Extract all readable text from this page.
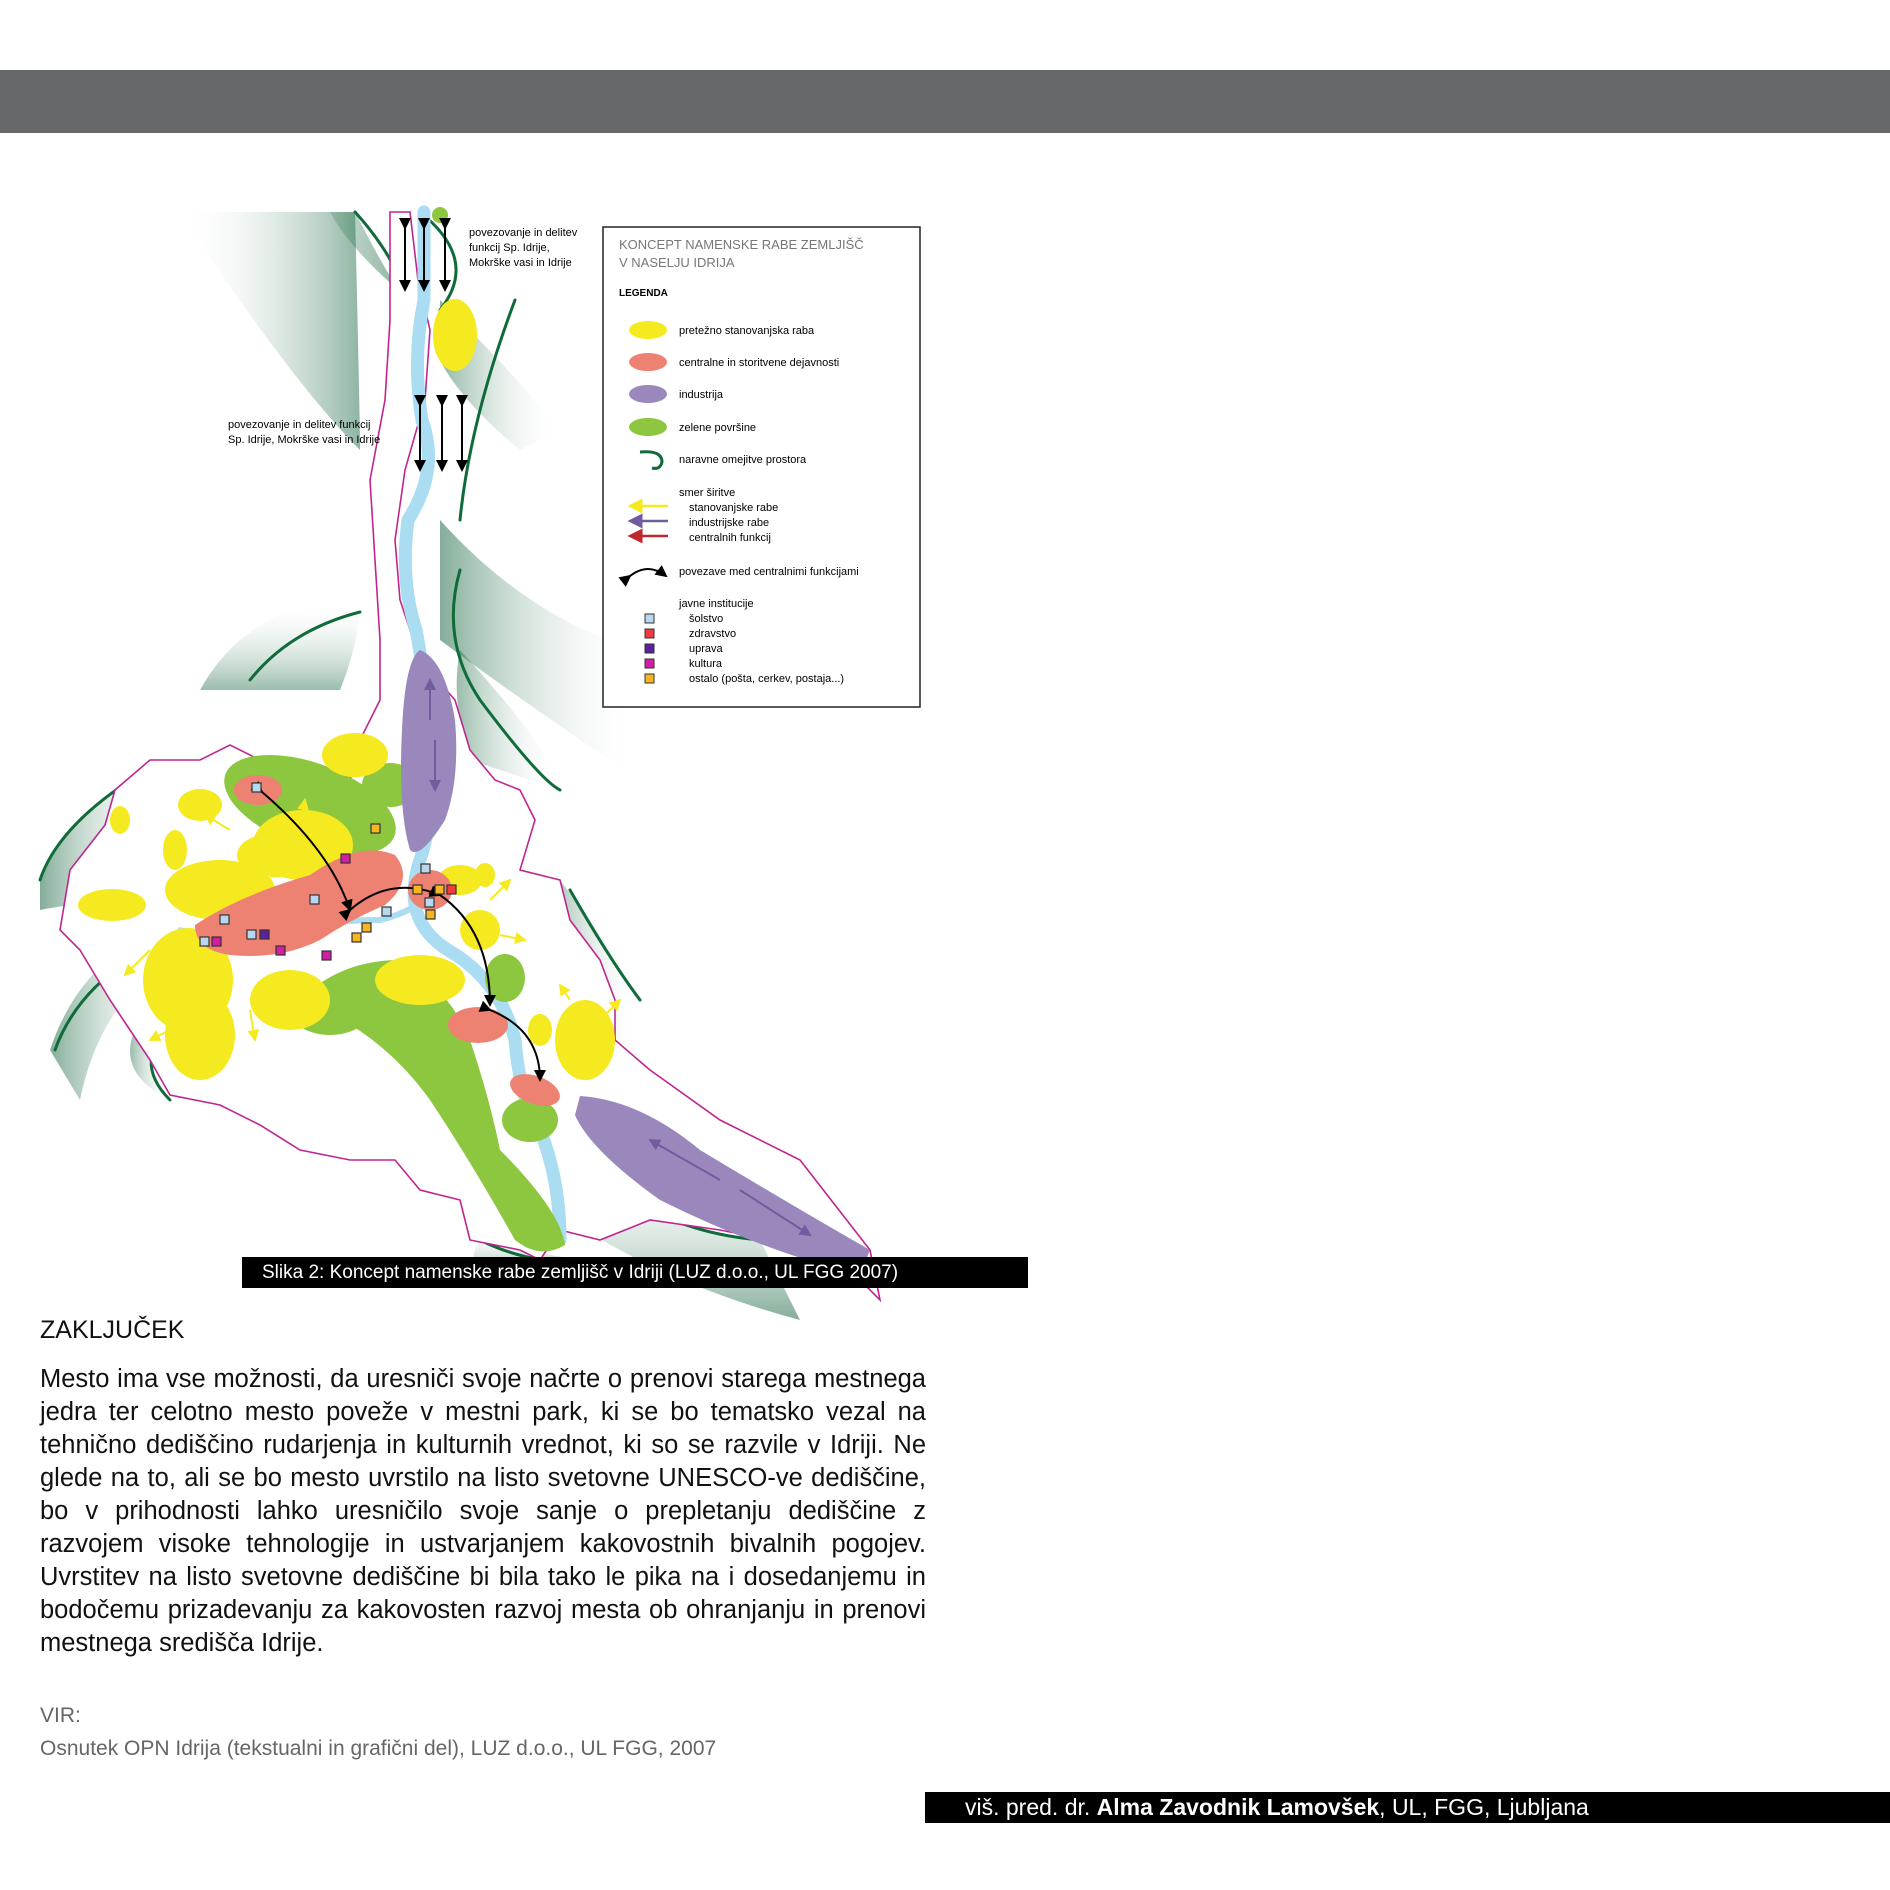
povezovanje in delitev
funkcij Sp. Idrije,
Mokrške vasi in Idrije
povezovanje in delitev funkcij
Sp. Idrije, Mokrške vasi in Idrije
KONCEPT NAMENSKE RABE ZEMLJIŠČ
V NASELJU IDRIJA
LEGENDA
pretežno stanovanjska raba
centralne in storitvene dejavnosti
industrija
zelene površine
naravne omejitve prostora
smer širitve
stanovanjske rabe
industrijske rabe
centralnih funkcij
povezave med centralnimi funkcijami
javne institucije
šolstvo
zdravstvo
uprava
kultura
ostalo (pošta, cerkev, postaja...)
Slika 2: Koncept namenske rabe zemljišč v Idriji (LUZ d.o.o., UL FGG 2007)
ZAKLJUČEK
Mesto ima vse možnosti, da uresniči svoje načrte o prenovi starega mestnega jedra ter celotno mesto poveže v mestni park, ki se bo tematsko vezal na tehnično dediščino rudarjenja in kulturnih vrednot, ki so se razvile v Idriji. Ne glede na to, ali se bo mesto uvrstilo na listo svetovne UNESCO-ve dediščine, bo v prihodnosti lahko uresničilo svoje sanje o prepletanju dediščine z razvojem visoke tehnologije in ustvarjanjem kakovostnih bivalnih pogojev. Uvrstitev na listo svetovne dediščine bi bila tako le pika na i dosedanjemu in bodočemu prizadevanju za kakovosten razvoj mesta ob ohranjanju in prenovi mestnega središča Idrije.
VIR:
Osnutek OPN Idrija (tekstualni in grafični del), LUZ d.o.o., UL FGG, 2007
viš. pred. dr. Alma Zavodnik Lamovšek, UL, FGG, Ljubljana
